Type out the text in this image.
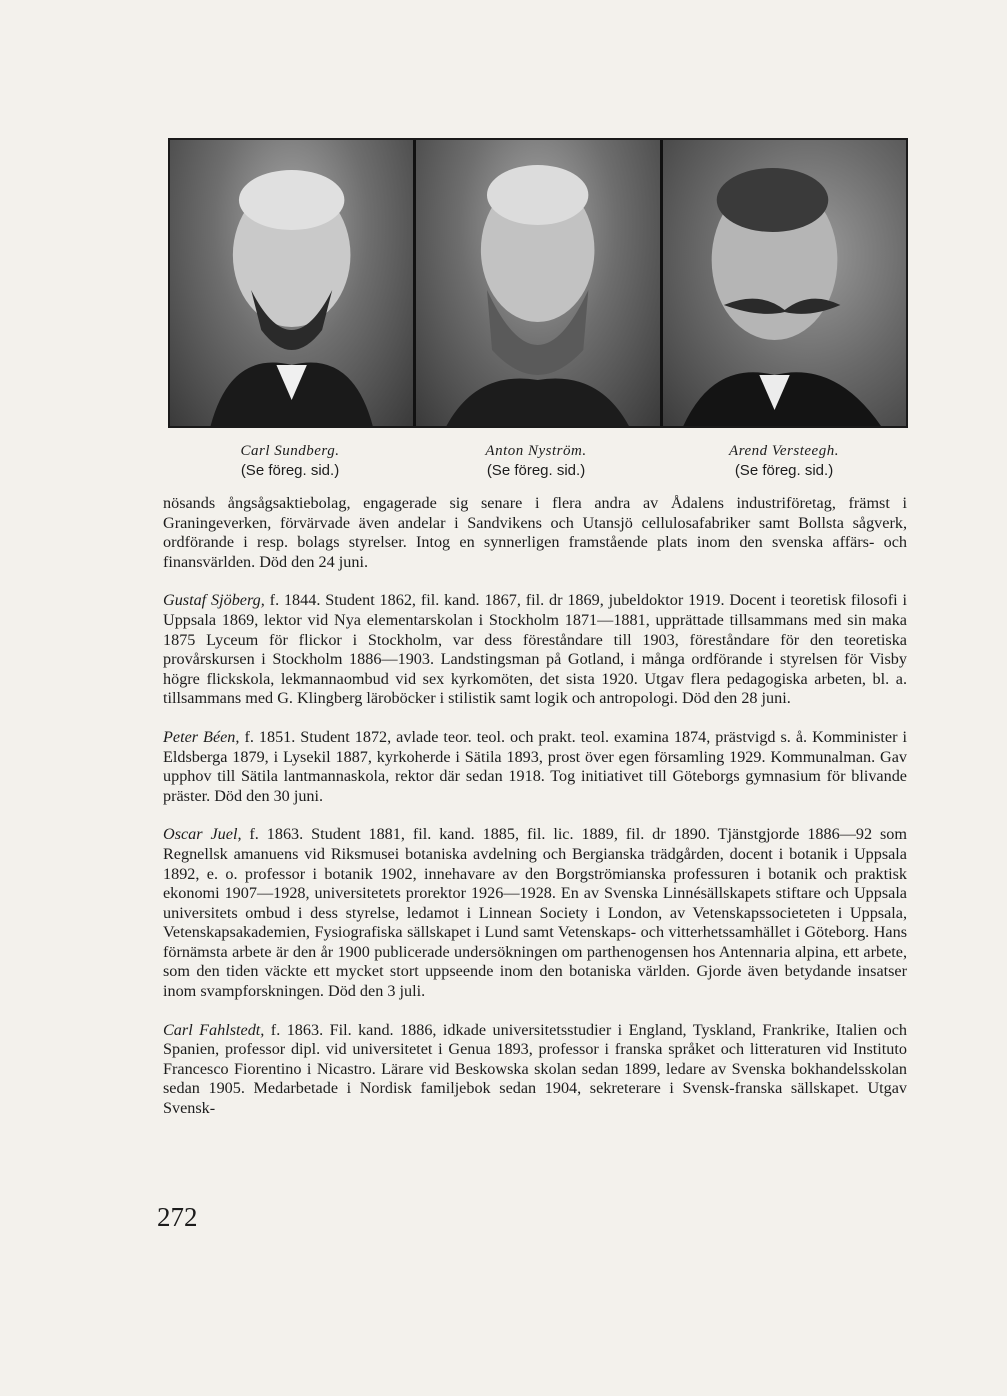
Carl Sundberg.
(Se föreg. sid.)
Anton Nyström.
(Se föreg. sid.)
Arend Versteegh.
(Se föreg. sid.)

nösands ångsågsaktiebolag, engagerade sig senare i flera andra av Ådalens industriföretag, främst i Graningeverken, förvärvade även andelar i Sandvikens och Utansjö cellulosafabriker samt Bollsta sågverk, ordförande i resp. bolags styrelser. Intog en synnerligen framstående plats inom den svenska affärs- och finansvärlden. Död den 24 juni.

Gustaf Sjöberg, f. 1844. Student 1862, fil. kand. 1867, fil. dr 1869, jubeldoktor 1919. Docent i teoretisk filosofi i Uppsala 1869, lektor vid Nya elementarskolan i Stockholm 1871—1881, upprättade tillsammans med sin maka 1875 Lyceum för flickor i Stockholm, var dess föreståndare till 1903, föreståndare för den teoretiska provårskursen i Stockholm 1886—1903. Landstingsman på Gotland, i många ordförande i styrelsen för Visby högre flickskola, lekmannaombud vid sex kyrkomöten, det sista 1920. Utgav flera pedagogiska arbeten, bl. a. tillsammans med G. Klingberg läroböcker i stilistik samt logik och antropologi. Död den 28 juni.

Peter Béen, f. 1851. Student 1872, avlade teor. teol. och prakt. teol. examina 1874, prästvigd s. å. Komminister i Eldsberga 1879, i Lysekil 1887, kyrkoherde i Sätila 1893, prost över egen församling 1929. Kommunalman. Gav upphov till Sätila lantmannaskola, rektor där sedan 1918. Tog initiativet till Göteborgs gymnasium för blivande präster. Död den 30 juni.

Oscar Juel, f. 1863. Student 1881, fil. kand. 1885, fil. lic. 1889, fil. dr 1890. Tjänstgjorde 1886—92 som Regnellsk amanuens vid Riksmusei botaniska avdelning och Bergianska trädgården, docent i botanik i Uppsala 1892, e. o. professor i botanik 1902, innehavare av den Borgströmianska professuren i botanik och praktisk ekonomi 1907—1928, universitetets prorektor 1926—1928. En av Svenska Linnésällskapets stiftare och Uppsala universitets ombud i dess styrelse, ledamot i Linnean Society i London, av Vetenskapssocieteten i Uppsala, Vetenskapsakademien, Fysiografiska sällskapet i Lund samt Vetenskaps- och vitterhetssamhället i Göteborg. Hans förnämsta arbete är den år 1900 publicerade undersökningen om parthenogensen hos Antennaria alpina, ett arbete, som den tiden väckte ett mycket stort uppseende inom den botaniska världen. Gjorde även betydande insatser inom svampforskningen. Död den 3 juli.

Carl Fahlstedt, f. 1863. Fil. kand. 1886, idkade universitetsstudier i England, Tyskland, Frankrike, Italien och Spanien, professor dipl. vid universitetet i Genua 1893, professor i franska språket och litteraturen vid Instituto Francesco Fiorentino i Nicastro. Lärare vid Beskowska skolan sedan 1899, ledare av Svenska bokhandelsskolan sedan 1905. Medarbetade i Nordisk familjebok sedan 1904, sekreterare i Svensk-franska sällskapet. Utgav Svensk-

272
